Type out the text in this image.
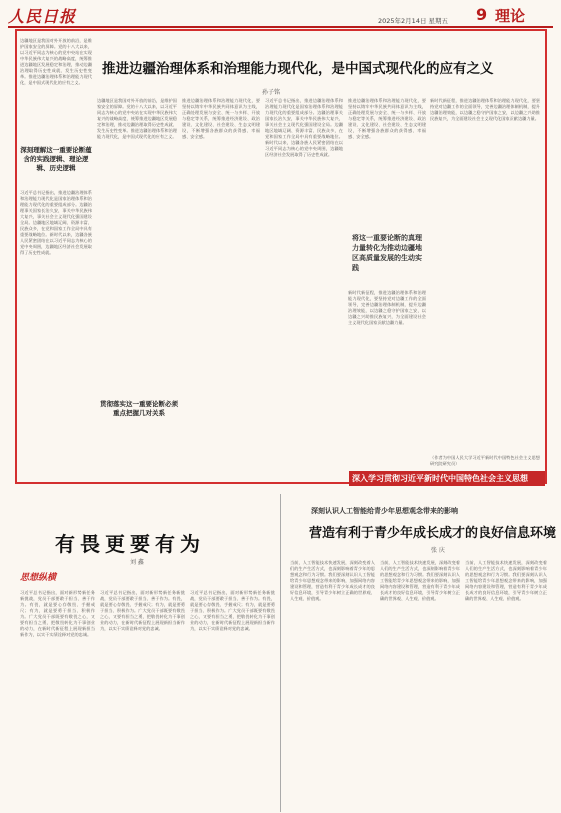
人民日报	2025年2月14日 星期五 9 理论
边疆地区是我国对外开放的前沿，是维护国家安全的屏障。党的十八大以来，以习近平同志为核心的党中央站在实现中华民族伟大复兴的战略高度，统筹推进边疆地区发展稳定和治理，推动边疆治理取得历史性成就、发生历史性变革。推进边疆治理体系和治理能力现代化，是中国式现代化的应有之义。
推进边疆治理体系和治理能力现代化，是中国式现代化的应有之义
孙子铭
深刻理解这一重要论断蕴含的实践逻辑、理论逻辑、历史逻辑
习近平总书记指出，推进边疆治理体系和治理能力现代化是国家治理体系和治理能力现代化的重要组成部分。边疆治理事关国家长治久安，事关中华民族伟大复兴，事关社会主义现代化强国建设全局。边疆地区地域辽阔、资源丰富、民族众多，在党和国家工作全局中具有重要战略地位。新时代以来，边疆各族人民紧密团结在以习近平同志为核心的党中央周围，边疆地区经济社会发展取得了历史性成就。
边疆地区是我国对外开放的前沿，是维护国家安全的屏障。党的十八大以来，以习近平同志为核心的党中央站在实现中华民族伟大复兴的战略高度，统筹推进边疆地区发展稳定和治理，推动边疆治理取得历史性成就、发生历史性变革。推进边疆治理体系和治理能力现代化，是中国式现代化的应有之义。
贯彻落实这一重要论断必须重点把握几对关系
推进边疆治理体系和治理能力现代化，要坚持以铸牢中华民族共同体意识为主线，正确处理发展与安全、统一与多样、开放与稳定等关系，统筹推进经济建设、政治建设、文化建设、社会建设、生态文明建设，不断增强各族群众的获得感、幸福感、安全感。
习近平总书记指出，推进边疆治理体系和治理能力现代化是国家治理体系和治理能力现代化的重要组成部分。边疆治理事关国家长治久安，事关中华民族伟大复兴，事关社会主义现代化强国建设全局。边疆地区地域辽阔、资源丰富、民族众多，在党和国家工作全局中具有重要战略地位。新时代以来，边疆各族人民紧密团结在以习近平同志为核心的党中央周围，边疆地区经济社会发展取得了历史性成就。
推进边疆治理体系和治理能力现代化，要坚持以铸牢中华民族共同体意识为主线，正确处理发展与安全、统一与多样、开放与稳定等关系，统筹推进经济建设、政治建设、文化建设、社会建设、生态文明建设，不断增强各族群众的获得感、幸福感、安全感。
将这一重要论断的真理力量转化为推动边疆地区高质量发展的生动实践
新时代新征程，推进边疆治理体系和治理能力现代化，要坚持党对边疆工作的全面领导，完善边疆治理体制机制，提升边疆治理效能，以边疆之稳守护国家之安，以边疆之兴助推民族复兴，为全面建设社会主义现代化国家贡献边疆力量。
新时代新征程，推进边疆治理体系和治理能力现代化，要坚持党对边疆工作的全面领导，完善边疆治理体制机制，提升边疆治理效能，以边疆之稳守护国家之安，以边疆之兴助推民族复兴，为全面建设社会主义现代化国家贡献边疆力量。
（作者为中国人民大学习近平新时代中国特色社会主义思想研究院研究员）
深入学习贯彻习近平新时代中国特色社会主义思想
有畏更要有为
刘 鑫
思想纵横
习近平总书记指出，面对新形势新任务新挑战，党员干部要敢于担当、善于作为。有畏，就是要心存敬畏、手握戒尺；有为，就是要勇于担当、积极作为。广大党员干部既要有敬畏之心，又要有担当之勇，把敬畏转化为干事创业的动力，在新时代新征程上展现新担当新作为，以实干实绩诠释对党的忠诚。
习近平总书记指出，面对新形势新任务新挑战，党员干部要敢于担当、善于作为。有畏，就是要心存敬畏、手握戒尺；有为，就是要勇于担当、积极作为。广大党员干部既要有敬畏之心，又要有担当之勇，把敬畏转化为干事创业的动力，在新时代新征程上展现新担当新作为，以实干实绩诠释对党的忠诚。
习近平总书记指出，面对新形势新任务新挑战，党员干部要敢于担当、善于作为。有畏，就是要心存敬畏、手握戒尺；有为，就是要勇于担当、积极作为。广大党员干部既要有敬畏之心，又要有担当之勇，把敬畏转化为干事创业的动力，在新时代新征程上展现新担当新作为，以实干实绩诠释对党的忠诚。
深刻认识人工智能给青少年思想观念带来的影响
营造有利于青少年成长成才的良好信息环境
张 庆
当前，人工智能技术快速发展，深刻改变着人们的生产生活方式，也深刻影响着青少年的思想观念和行为习惯。我们要深刻认识人工智能给青少年思想观念带来的影响，加强网络内容建设和管理，营造有利于青少年成长成才的良好信息环境，引导青少年树立正确的世界观、人生观、价值观。
当前，人工智能技术快速发展，深刻改变着人们的生产生活方式，也深刻影响着青少年的思想观念和行为习惯。我们要深刻认识人工智能给青少年思想观念带来的影响，加强网络内容建设和管理，营造有利于青少年成长成才的良好信息环境，引导青少年树立正确的世界观、人生观、价值观。
当前，人工智能技术快速发展，深刻改变着人们的生产生活方式，也深刻影响着青少年的思想观念和行为习惯。我们要深刻认识人工智能给青少年思想观念带来的影响，加强网络内容建设和管理，营造有利于青少年成长成才的良好信息环境，引导青少年树立正确的世界观、人生观、价值观。
